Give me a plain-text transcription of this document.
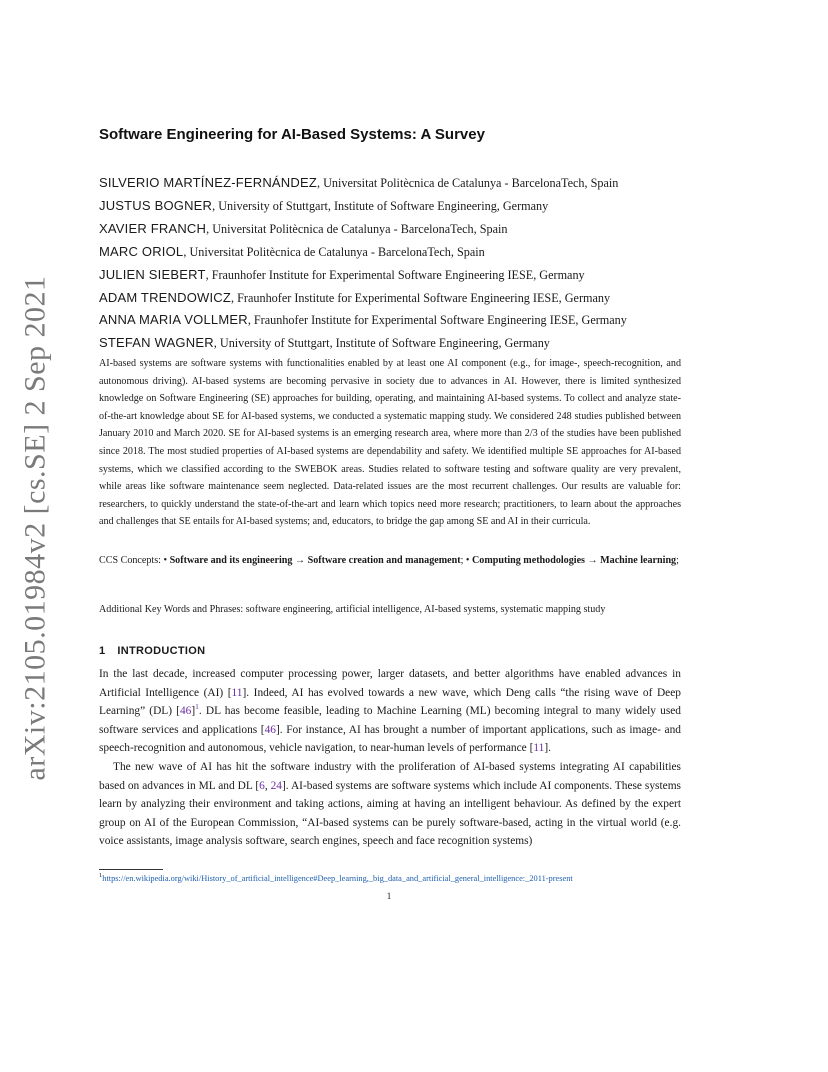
arXiv:2105.01984v2 [cs.SE] 2 Sep 2021
Software Engineering for AI-Based Systems: A Survey
SILVERIO MARTÍNEZ-FERNÁNDEZ, Universitat Politècnica de Catalunya - BarcelonaTech, Spain
JUSTUS BOGNER, University of Stuttgart, Institute of Software Engineering, Germany
XAVIER FRANCH, Universitat Politècnica de Catalunya - BarcelonaTech, Spain
MARC ORIOL, Universitat Politècnica de Catalunya - BarcelonaTech, Spain
JULIEN SIEBERT, Fraunhofer Institute for Experimental Software Engineering IESE, Germany
ADAM TRENDOWICZ, Fraunhofer Institute for Experimental Software Engineering IESE, Germany
ANNA MARIA VOLLMER, Fraunhofer Institute for Experimental Software Engineering IESE, Germany
STEFAN WAGNER, University of Stuttgart, Institute of Software Engineering, Germany

AI-based systems are software systems with functionalities enabled by at least one AI component (e.g., for image-, speech-recognition, and autonomous driving). AI-based systems are becoming pervasive in society due to advances in AI. However, there is limited synthesized knowledge on Software Engineering (SE) approaches for building, operating, and maintaining AI-based systems. To collect and analyze state-of-the-art knowledge about SE for AI-based systems, we conducted a systematic mapping study. We considered 248 studies published between January 2010 and March 2020. SE for AI-based systems is an emerging research area, where more than 2/3 of the studies have been published since 2018. The most studied properties of AI-based systems are dependability and safety. We identified multiple SE approaches for AI-based systems, which we classified according to the SWEBOK areas. Studies related to software testing and software quality are very prevalent, while areas like software maintenance seem neglected. Data-related issues are the most recurrent challenges. Our results are valuable for: researchers, to quickly understand the state-of-the-art and learn which topics need more research; practitioners, to learn about the approaches and challenges that SE entails for AI-based systems; and, educators, to bridge the gap among SE and AI in their curricula.

CCS Concepts: • Software and its engineering → Software creation and management; • Computing methodologies → Machine learning;

Additional Key Words and Phrases: software engineering, artificial intelligence, AI-based systems, systematic mapping study

1 INTRODUCTION

In the last decade, increased computer processing power, larger datasets, and better algorithms have enabled advances in Artificial Intelligence (AI) [11]. Indeed, AI has evolved towards a new wave, which Deng calls “the rising wave of Deep Learning” (DL) [46]$^1$. DL has become feasible, leading to Machine Learning (ML) becoming integral to many widely used software services and applications [46]. For instance, AI has brought a number of important applications, such as image- and speech-recognition and autonomous, vehicle navigation, to near-human levels of performance [11].

The new wave of AI has hit the software industry with the proliferation of AI-based systems integrating AI capabilities based on advances in ML and DL [6, 24]. AI-based systems are software systems which include AI components. These systems learn by analyzing their environment and taking actions, aiming at having an intelligent behaviour. As defined by the expert group on AI of the European Commission, “AI-based systems can be purely software-based, acting in the virtual world (e.g. voice assistants, image analysis software, search engines, speech and face recognition systems)

$^1$https://en.wikipedia.org/wiki/History_of_artificial_intelligence#Deep_learning,_big_data_and_artificial_general_intelligence:_2011-present
1
